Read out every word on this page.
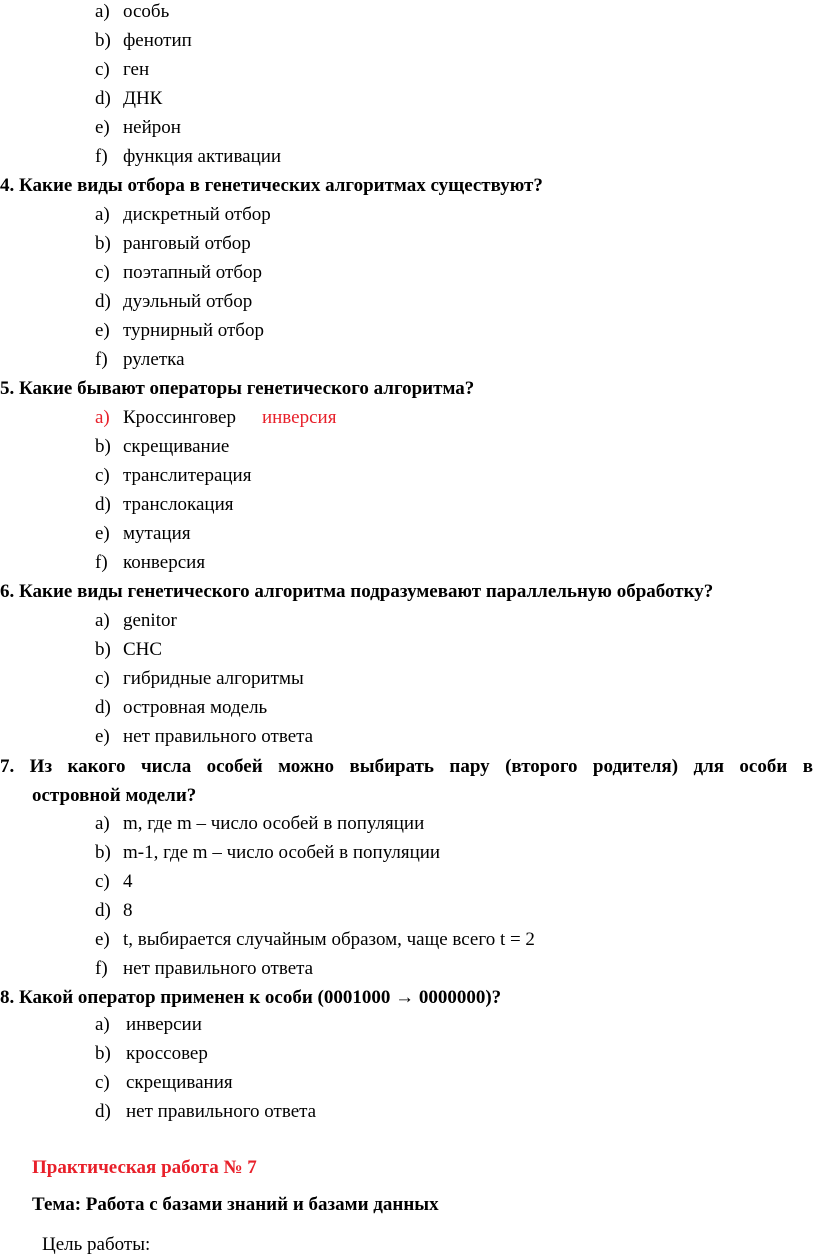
a) особь
b) фенотип
c) ген
d) ДНК
e) нейрон
f) функция активации
4. Какие виды отбора в генетических алгоритмах существуют?
a) дискретный отбор
b) ранговый отбор
c) поэтапный отбор
d) дуэльный отбор
e) турнирный отбор
f) рулетка
5. Какие бывают операторы генетического алгоритма?
a) Кроссинговер инверсия
b) скрещивание
c) транслитерация
d) транслокация
e) мутация
f) конверсия
6. Какие виды генетического алгоритма подразумевают параллельную обработку?
a) genitor
b) CHC
c) гибридные алгоритмы
d) островная модель
e) нет правильного ответа
7. Из какого числа особей можно выбирать пару (второго родителя) для особи в
островной модели?
a) m, где m – число особей в популяции
b) m-1, где m – число особей в популяции
c) 4
d) 8
e) t, выбирается случайным образом, чаще всего t = 2
f) нет правильного ответа
8. Какой оператор применен к особи (0001000 → 0000000)?
a) инверсии
b) кроссовер
c) скрещивания
d) нет правильного ответа
Практическая работа № 7
Тема: Работа с базами знаний и базами данных
Цель работы:
